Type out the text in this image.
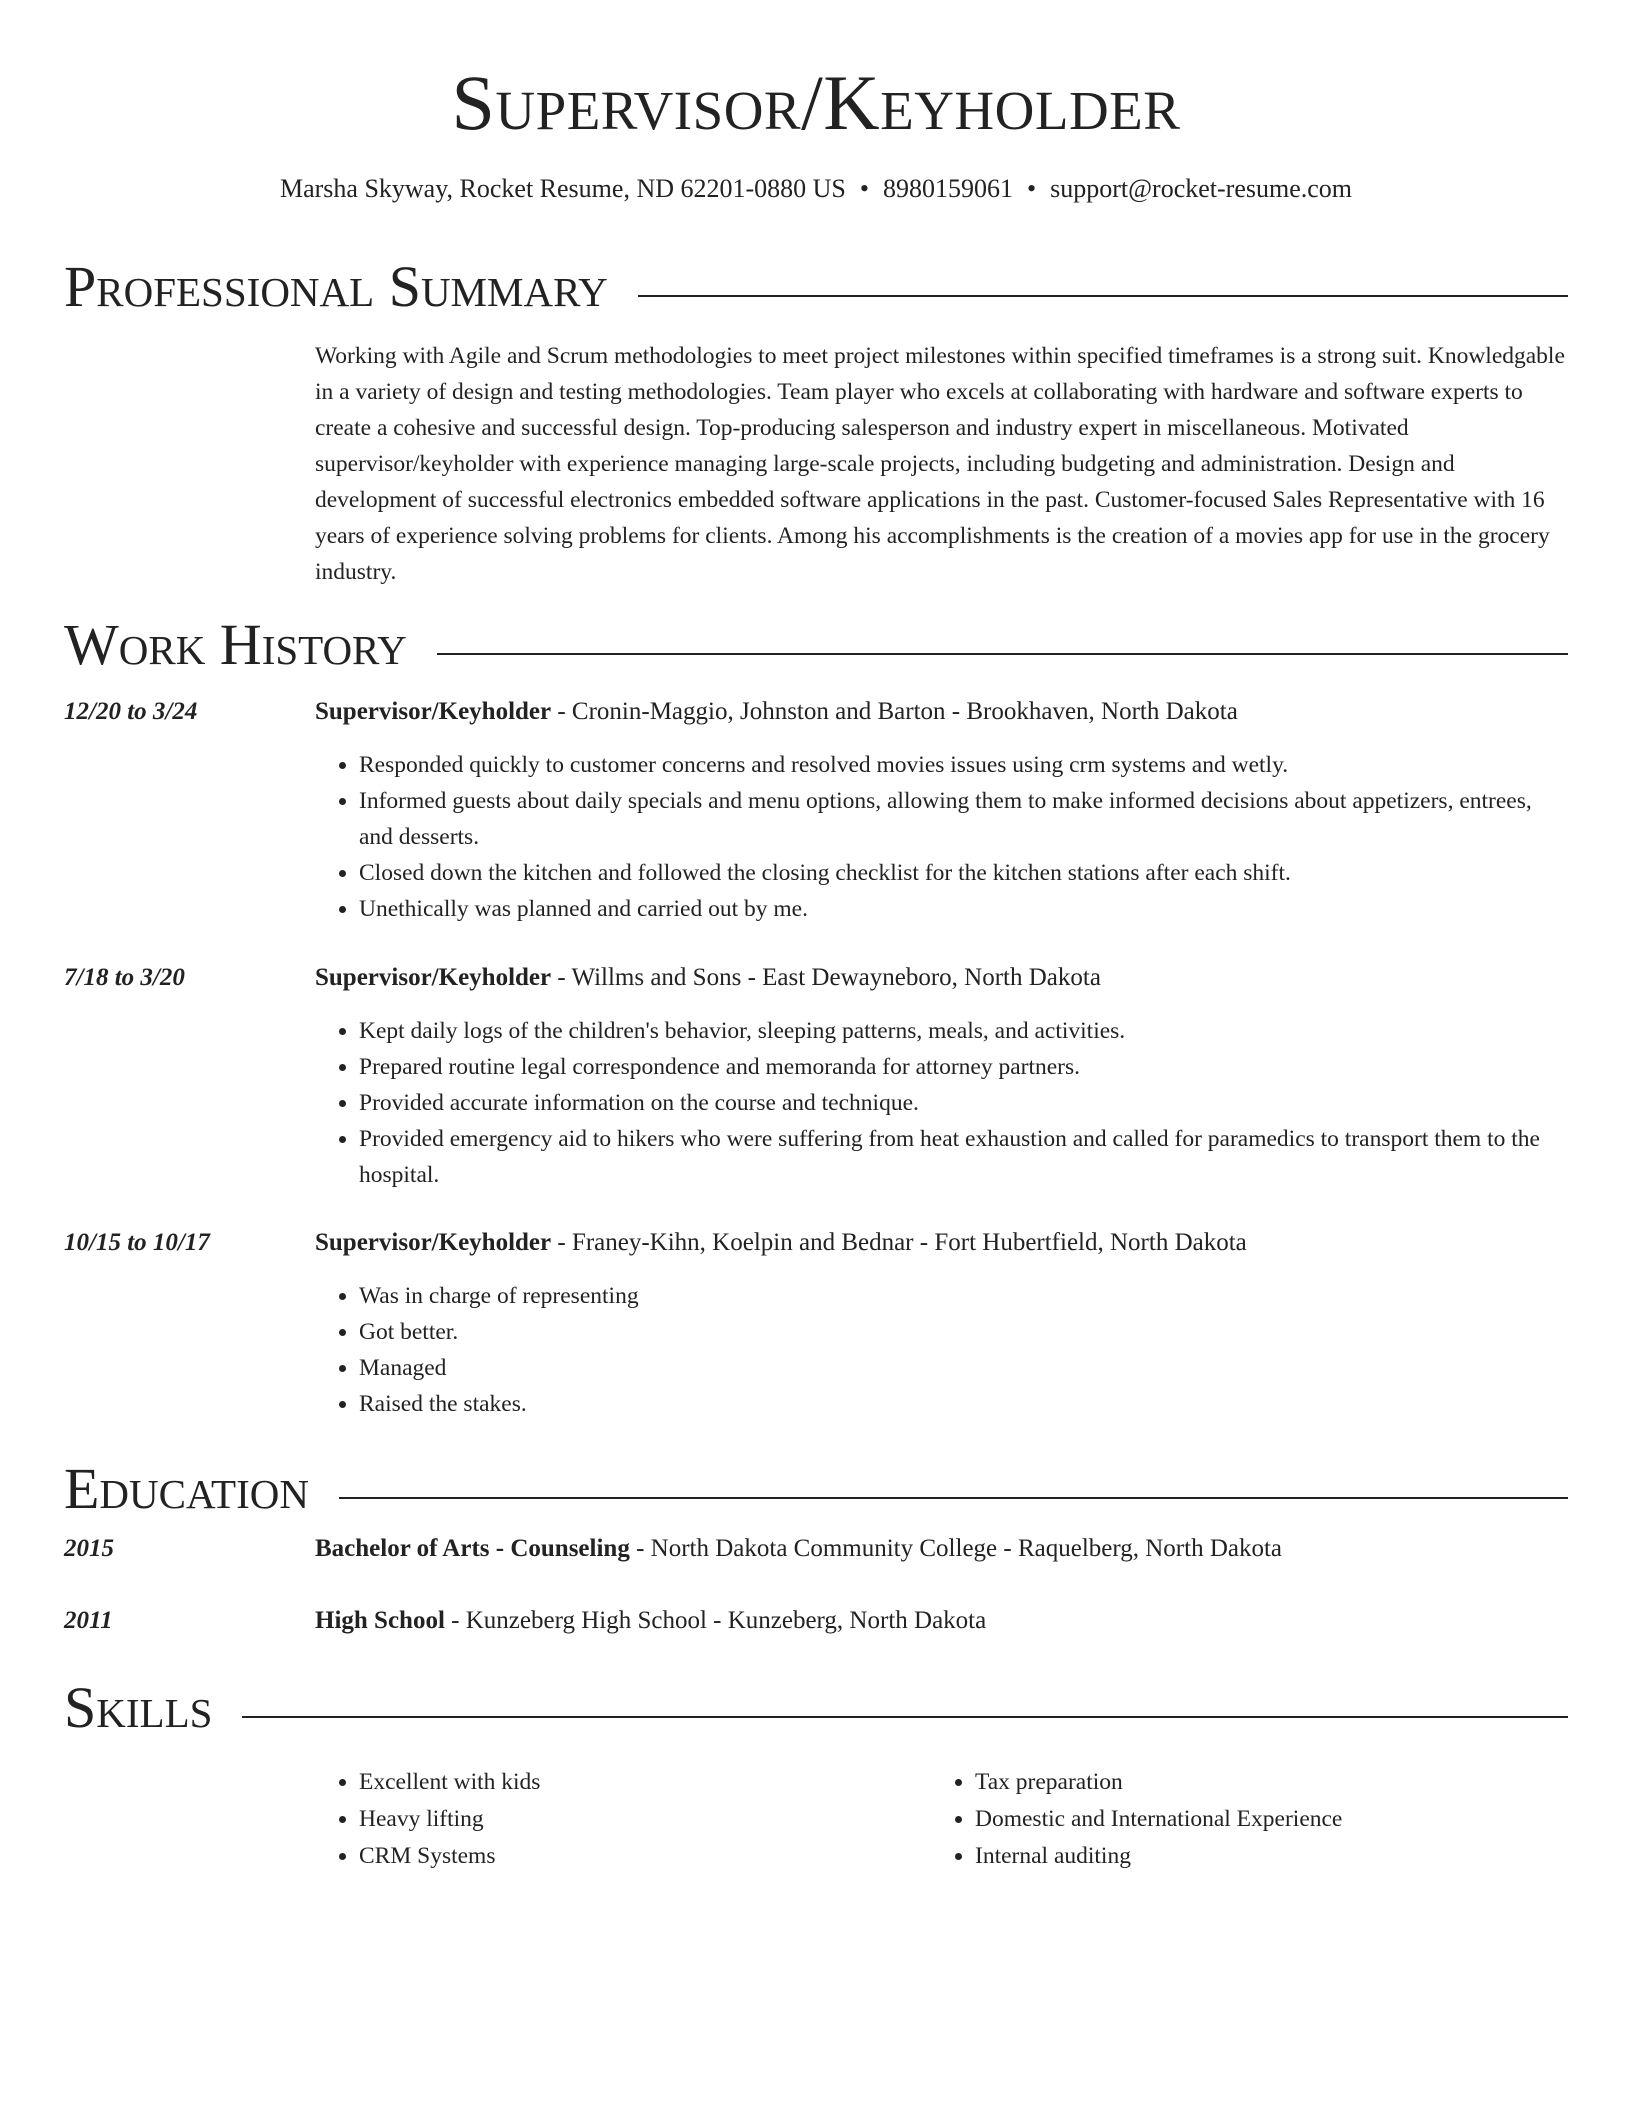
Supervisor/Keyholder
Marsha Skyway, Rocket Resume, ND 62201-0880 US • 8980159061 • support@rocket-resume.com
Professional Summary

Working with Agile and Scrum methodologies to meet project milestones within specified timeframes is a strong suit. Knowledgable in a variety of design and testing methodologies. Team player who excels at collaborating with hardware and software experts to create a cohesive and successful design. Top-producing salesperson and industry expert in miscellaneous. Motivated supervisor/keyholder with experience managing large-scale projects, including budgeting and administration. Design and development of successful electronics embedded software applications in the past. Customer-focused Sales Representative with 16 years of experience solving problems for clients. Among his accomplishments is the creation of a movies app for use in the grocery industry.

Work History
12/20 to 3/24	Supervisor/Keyholder - Cronin-Maggio, Johnston and Barton - Brookhaven, North Dakota
• Responded quickly to customer concerns and resolved movies issues using crm systems and wetly.
• Informed guests about daily specials and menu options, allowing them to make informed decisions about appetizers, entrees, and desserts.
• Closed down the kitchen and followed the closing checklist for the kitchen stations after each shift.
• Unethically was planned and carried out by me.
7/18 to 3/20	Supervisor/Keyholder - Willms and Sons - East Dewayneboro, North Dakota
• Kept daily logs of the children's behavior, sleeping patterns, meals, and activities.
• Prepared routine legal correspondence and memoranda for attorney partners.
• Provided accurate information on the course and technique.
• Provided emergency aid to hikers who were suffering from heat exhaustion and called for paramedics to transport them to the hospital.
10/15 to 10/17	Supervisor/Keyholder - Franey-Kihn, Koelpin and Bednar - Fort Hubertfield, North Dakota
• Was in charge of representing
• Got better.
• Managed
• Raised the stakes.
Education
2015	Bachelor of Arts - Counseling - North Dakota Community College - Raquelberg, North Dakota
2011	High School - Kunzeberg High School - Kunzeberg, North Dakota
Skills
• Excellent with kids
• Heavy lifting
• CRM Systems
• Tax preparation
• Domestic and International Experience
• Internal auditing
